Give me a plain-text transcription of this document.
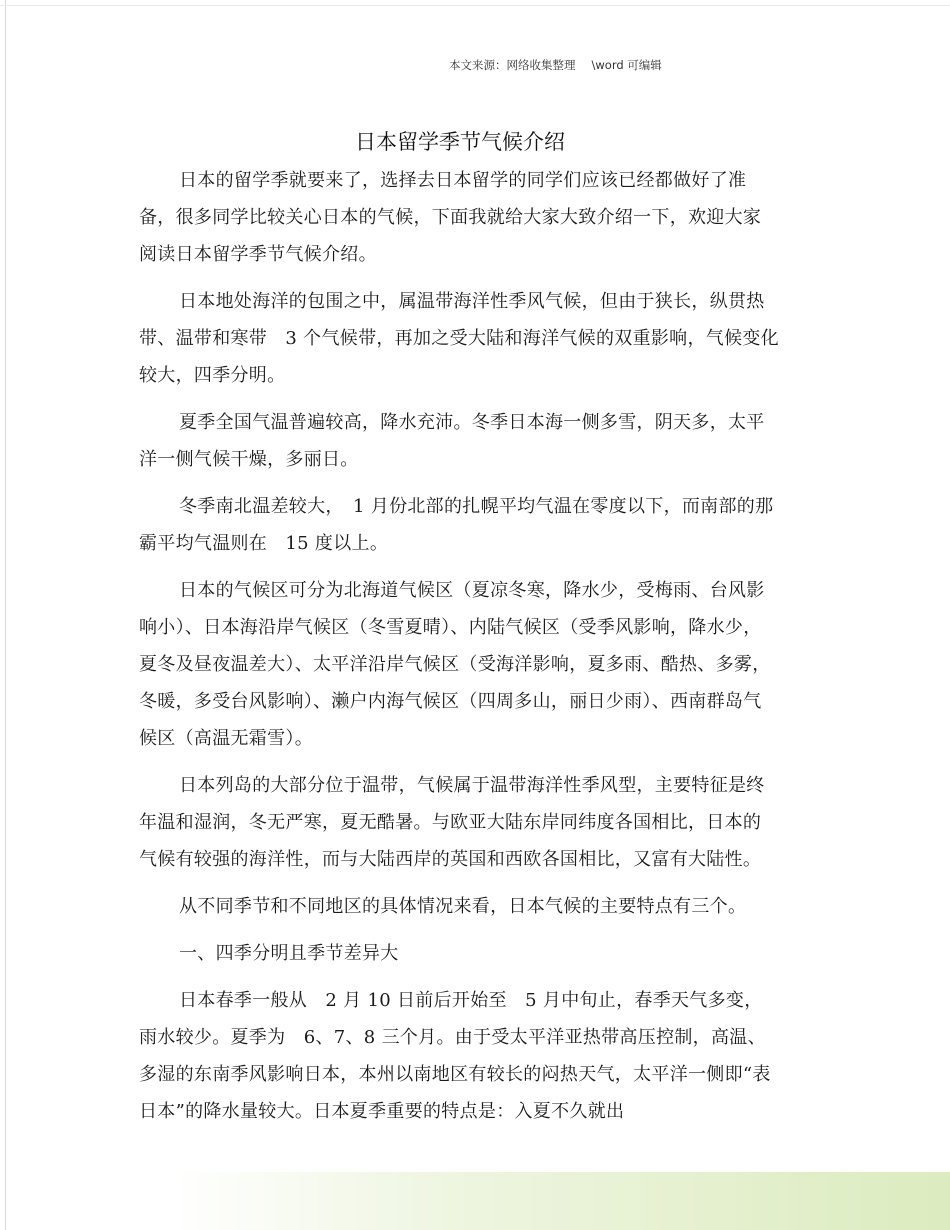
本文来源：网络收集整理 \word 可编辑
日本留学季节气候介绍

日本的留学季就要来了，选择去日本留学的同学们应该已经都做好了准备，很多同学比较关心日本的气候，下面我就给大家大致介绍一下，欢迎大家阅读日本留学季节气候介绍。

日本地处海洋的包围之中，属温带海洋性季风气候，但由于狭长，纵贯热带、温带和寒带　3 个气候带，再加之受大陆和海洋气候的双重影响，气候变化较大，四季分明。

夏季全国气温普遍较高，降水充沛。冬季日本海一侧多雪，阴天多，太平洋一侧气候干燥，多丽日。

冬季南北温差较大，　1 月份北部的扎幌平均气温在零度以下，而南部的那霸平均气温则在　15 度以上。

日本的气候区可分为北海道气候区（夏凉冬寒，降水少，受梅雨、台风影响小）、日本海沿岸气候区（冬雪夏晴）、内陆气候区（受季风影响，降水少，夏冬及昼夜温差大）、太平洋沿岸气候区（受海洋影响，夏多雨、酷热、多雾，冬暖，多受台风影响）、濑户内海气候区（四周多山，丽日少雨）、西南群岛气候区（高温无霜雪）。

日本列岛的大部分位于温带，气候属于温带海洋性季风型，主要特征是终年温和湿润，冬无严寒，夏无酷暑。与欧亚大陆东岸同纬度各国相比，日本的气候有较强的海洋性，而与大陆西岸的英国和西欧各国相比，又富有大陆性。

从不同季节和不同地区的具体情况来看，日本气候的主要特点有三个。

一、四季分明且季节差异大

日本春季一般从　2 月 10 日前后开始至　5 月中旬止，春季天气多变，雨水较少。夏季为　6、7、8 三个月。由于受太平洋亚热带高压控制，高温、多湿的东南季风影响日本，本州以南地区有较长的闷热天气，太平洋一侧即“表日本”的降水量较大。日本夏季重要的特点是：入夏不久就出
